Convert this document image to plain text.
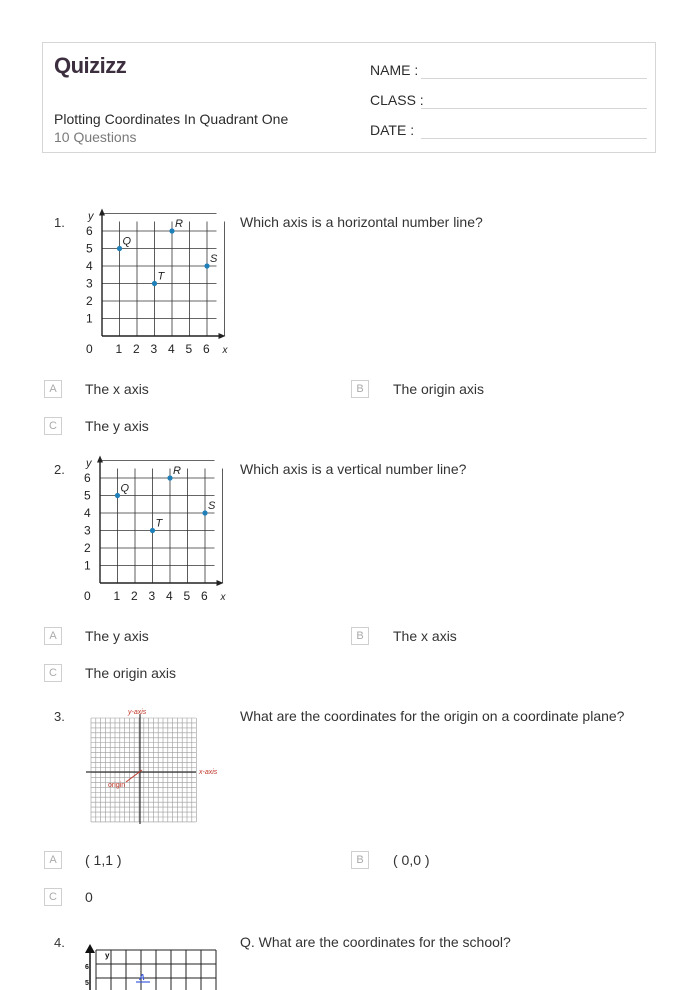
Quizizz
Plotting Coordinates In Quadrant One
10 Questions
NAME :
CLASS :
DATE :
1. y
x
0 1 2 3 4 5 6
1
2
3
4
5
6
Q
R
T
S
Which axis is a horizontal number line?
A	The x axis	B	The origin axis
C	The y axis
2. y
x
0 1 2 3 4 5 6
1
2
3
4
5
6
Q
R
T
S
Which axis is a vertical number line?
A	The y axis	B	The x axis
C	The origin axis
3.	y-axis
x-axis
origin
What are the coordinates for the origin on a coordinate plane?
A	( 1,1 )	B	( 0,0 )
C	0
4.
y
6
5
A
Q. What are the coordinates for the school?
